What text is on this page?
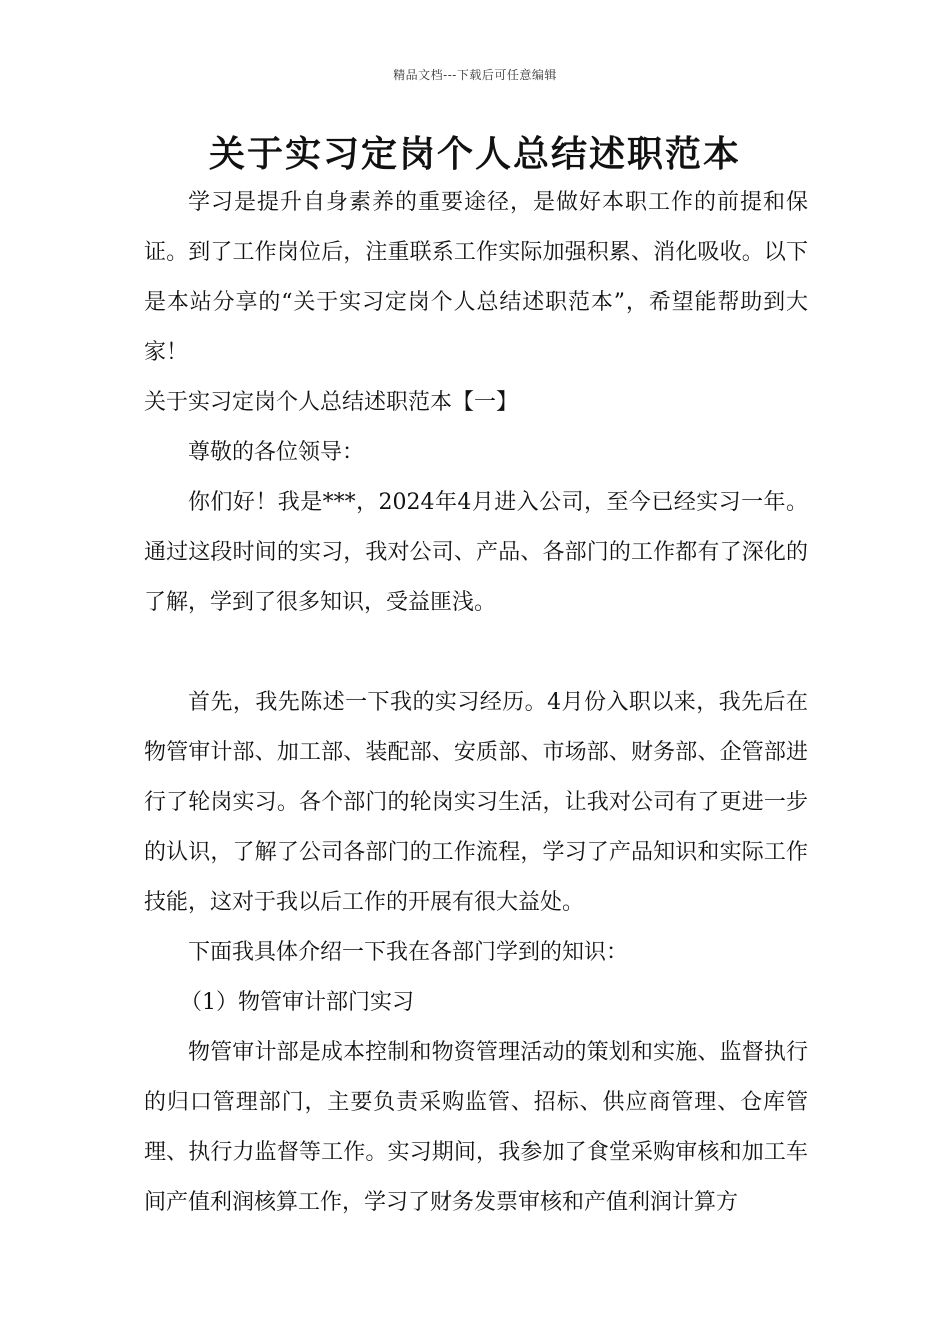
精品文档---下载后可任意编辑
关于实习定岗个人总结述职范本

学习是提升自身素养的重要途径，是做好本职工作的前提和保证。到了工作岗位后，注重联系工作实际加强积累、消化吸收。以下是本站分享的“关于实习定岗个人总结述职范本”，希望能帮助到大家！

关于实习定岗个人总结述职范本【一】

尊敬的各位领导：

你们好！我是***，2024年4月进入公司，至今已经实习一年。通过这段时间的实习，我对公司、产品、各部门的工作都有了深化的了解，学到了很多知识，受益匪浅。

首先，我先陈述一下我的实习经历。4月份入职以来，我先后在物管审计部、加工部、装配部、安质部、市场部、财务部、企管部进行了轮岗实习。各个部门的轮岗实习生活，让我对公司有了更进一步的认识，了解了公司各部门的工作流程，学习了产品知识和实际工作技能，这对于我以后工作的开展有很大益处。

下面我具体介绍一下我在各部门学到的知识：

（1）物管审计部门实习

物管审计部是成本控制和物资管理活动的策划和实施、监督执行的归口管理部门，主要负责采购监管、招标、供应商管理、仓库管理、执行力监督等工作。实习期间，我参加了食堂采购审核和加工车间产值利润核算工作，学习了财务发票审核和产值利润计算方
